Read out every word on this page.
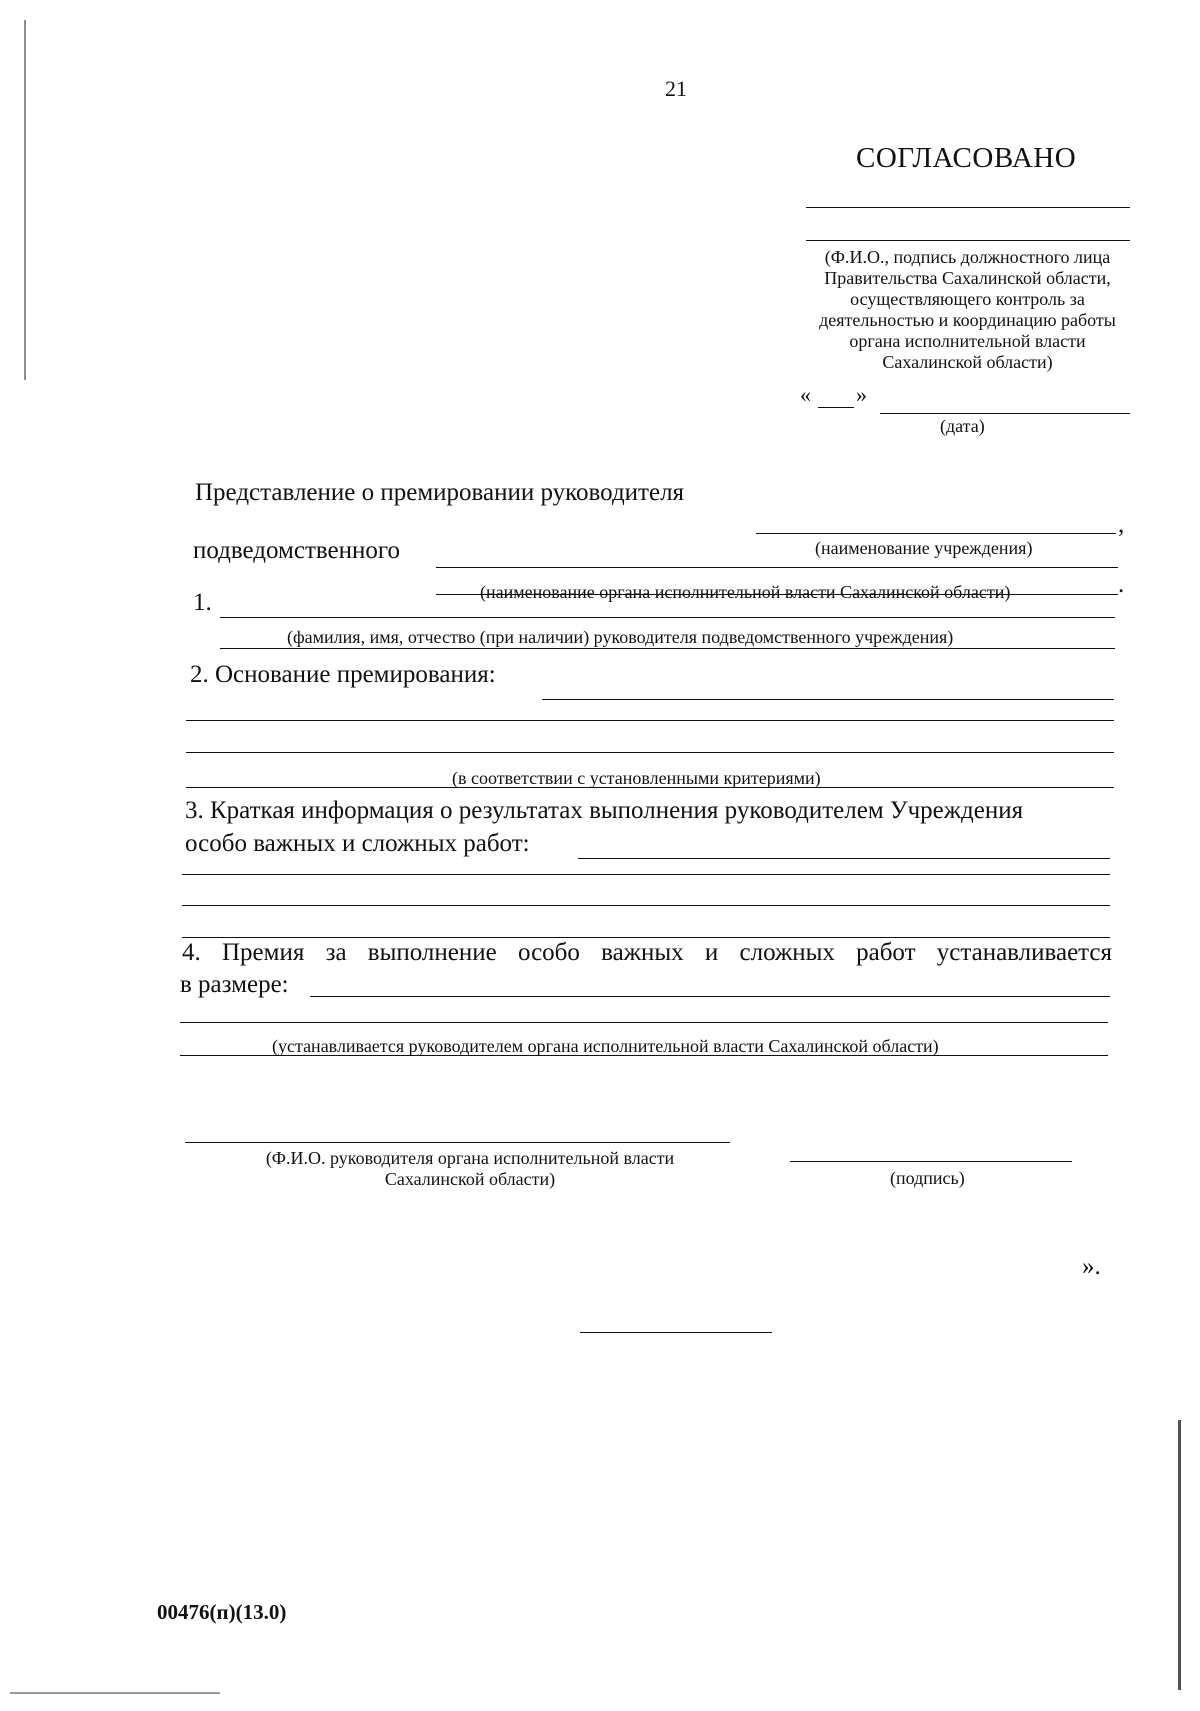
21
СОГЛАСОВАНО
(Ф.И.О., подпись должностного лица
Правительства Сахалинской области,
осуществляющего контроль за
деятельностью и координацию работы
органа исполнительной власти
Сахалинской области)
« »
(дата)
Представление о премировании руководителя
,
(наименование учреждения)
подведомственного
(наименование органа исполнительной власти Сахалинской области)	.
1.
(фамилия, имя, отчество (при наличии) руководителя подведомственного учреждения)
2. Основание премирования:
(в соответствии с установленными критериями)
3. Краткая информация о результатах выполнения руководителем Учреждения
особо важных и сложных работ:
4. Премия за выполнение особо важных и сложных работ устанавливается
в размере:
(устанавливается руководителем органа исполнительной власти Сахалинской области)
(Ф.И.О. руководителя органа исполнительной власти
Сахалинской области)	(подпись)
».
00476(п)(13.0)
